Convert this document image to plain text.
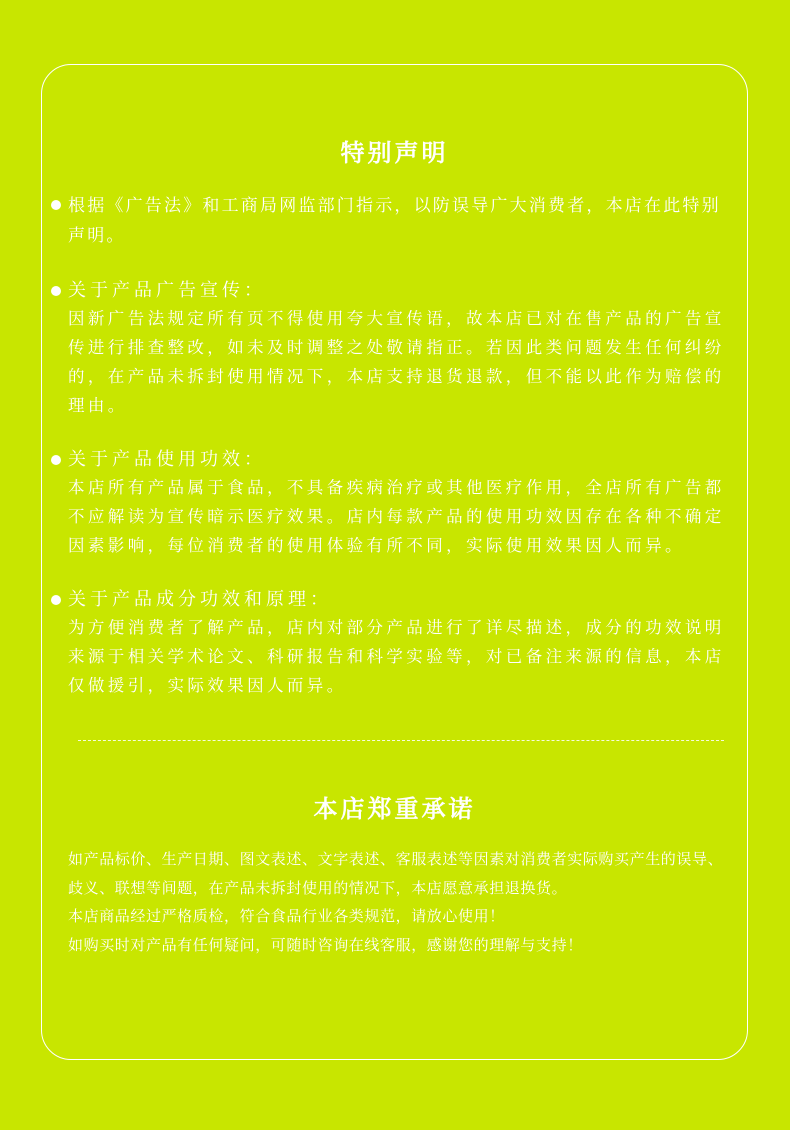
特别声明
根据《广告法》和工商局网监部门指示，以防误导广大消费者，本店在此特别声明。
关于产品广告宣传：
因新广告法规定所有页不得使用夸大宣传语，故本店已对在售产品的广告宣传进行排查整改，如未及时调整之处敬请指正。若因此类问题发生任何纠纷的，在产品未拆封使用情况下，本店支持退货退款，但不能以此作为赔偿的理由。
关于产品使用功效：
本店所有产品属于食品，不具备疾病治疗或其他医疗作用，全店所有广告都不应解读为宣传暗示医疗效果。店内每款产品的使用功效因存在各种不确定因素影响，每位消费者的使用体验有所不同，实际使用效果因人而异。
关于产品成分功效和原理：
为方便消费者了解产品，店内对部分产品进行了详尽描述，成分的功效说明来源于相关学术论文、科研报告和科学实验等，对已备注来源的信息，本店仅做援引，实际效果因人而异。
本店郑重承诺

如产品标价、生产日期、图文表述、文字表述、客服表述等因素对消费者实际购买产生的误导、歧义、联想等间题，在产品未拆封使用的情况下，本店愿意承担退换货。

本店商品经过严格质检，符合食品行业各类规范，请放心使用！

如购买时对产品有任何疑问，可随时咨询在线客服，感谢您的理解与支持！
